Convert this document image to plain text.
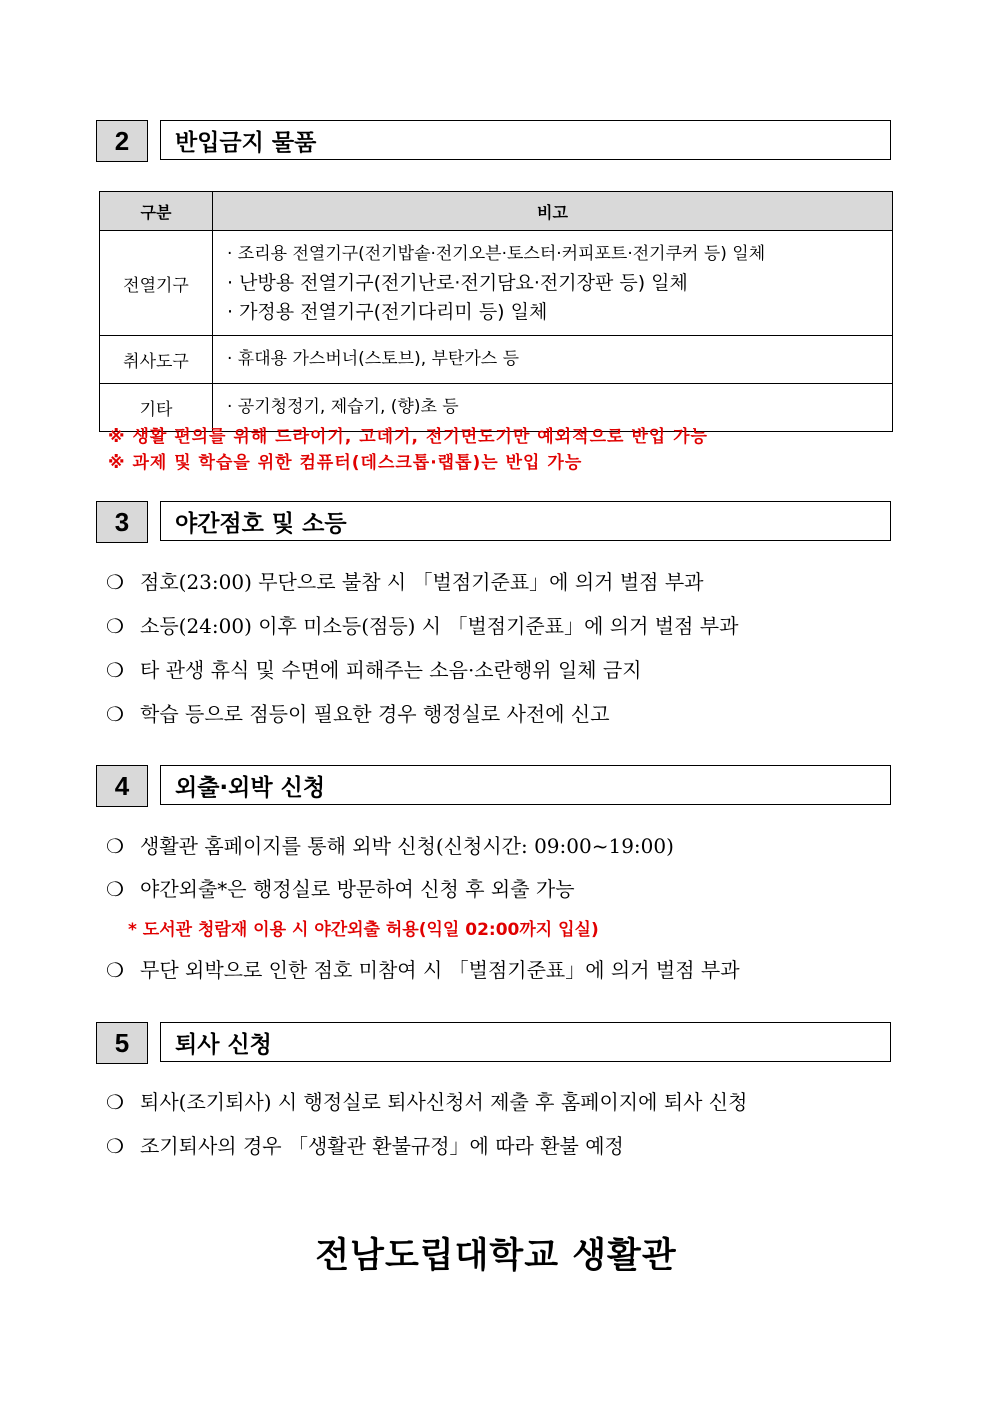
2	반입금지 물품
구분	비고
전열기구	· 조리용 전열기구(전기밥솥·전기오븐·토스터·커피포트·전기쿠커 등) 일체
· 난방용 전열기구(전기난로·전기담요·전기장판 등) 일체
· 가정용 전열기구(전기다리미 등) 일체

취사도구	· 휴대용 가스버너(스토브), 부탄가스 등

기타	· 공기청정기, 제습기, (향)초 등
※ 생활 편의를 위해 드라이기, 고데기, 전기면도기만 예외적으로 반입 가능
※ 과제 및 학습을 위한 컴퓨터(데스크톱·랩톱)는 반입 가능
3	야간점호 및 소등
❍ 점호(23:00) 무단으로 불참 시 「벌점기준표」에 의거 벌점 부과
❍ 소등(24:00) 이후 미소등(점등) 시 「벌점기준표」에 의거 벌점 부과
❍ 타 관생 휴식 및 수면에 피해주는 소음·소란행위 일체 금지
❍ 학습 등으로 점등이 필요한 경우 행정실로 사전에 신고
4	외출·외박 신청
❍ 생활관 홈페이지를 통해 외박 신청(신청시간: 09:00~19:00)
❍ 야간외출*은 행정실로 방문하여 신청 후 외출 가능
* 도서관 청람재 이용 시 야간외출 허용(익일 02:00까지 입실)
❍ 무단 외박으로 인한 점호 미참여 시 「벌점기준표」에 의거 벌점 부과
5	퇴사 신청
❍ 퇴사(조기퇴사) 시 행정실로 퇴사신청서 제출 후 홈페이지에 퇴사 신청
❍ 조기퇴사의 경우 「생활관 환불규정」에 따라 환불 예정
전남도립대학교 생활관
